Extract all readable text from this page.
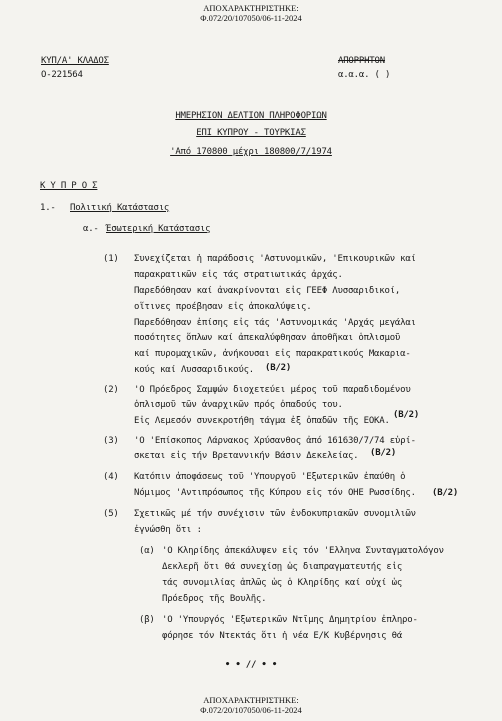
ΑΠΟΧΑΡΑΚΤΗΡΙΣΤΗΚΕ:
Φ.072/20/107050/06-11-2024
ΚΥΠ/Α' ΚΛΑΔΟΣ
Ο-221564
ΑΠΟΡΡΗΤΟΝ
α.α.α. ( )
ΗΜΕΡΗΣΙΟΝ ΔΕΛΤΙΟΝ ΠΛΗΡΟΦΟΡΙΩΝ
ΕΠΙ ΚΥΠΡΟΥ - ΤΟΥΡΚΙΑΣ
'Από 170800 μέχρι 180800/7/1974
Κ Υ Π Ρ Ο Σ
1.- Πολιτική Κατάστασις
α.- Έσωτερική Κατάστασις
(1) Συνεχίζεται ἡ παράδοσις 'Αστυνομικῶν, 'Επικουρικῶν καί
παρακρατικῶν εἰς τάς στρατιωτικάς ἀρχάς.
Παρεδόθησαν καί ἀνακρίνονται εἰς ΓΕΕΦ Λυσσαριδικοί,
οἵτινες προέβησαν εἰς ἀποκαλύψεις.
Παρεδόθησαν ἐπίσης εἰς τάς 'Αστυνομικάς 'Αρχάς μεγάλαι
ποσότητες ὅπλων καί ἀπεκαλύφθησαν ἀποθῆκαι ὁπλισμοῦ
καί πυρομαχικῶν, ἀνήκουσαι εἰς παρακρατικούς Μακαρια-
κούς καί Λυσσαριδικούς. (Β/2)
(2) 'Ο Πρόεδρος Σαμψών διοχετεύει μέρος τοῦ παραδιδομένου
ὁπλισμοῦ τῶν ἀναρχικῶν πρός ὀπαδούς του.
Εἰς Λεμεσόν συνεκροτήθη τάγμα ἐξ ὀπαδῶν τῆς ΕΟΚΑ.
(Β/2)
(3) 'Ο 'Επίσκοπος Λάρνακος Χρύσανθος ἀπό 161630/7/74 εὑρί-
σκεται εἰς τήν Βρεταννικήν Βάσιν Δεκελείας. (Β/2)
(4) Κατόπιν ἀποφάσεως τοῦ 'Υπουργοῦ 'Εξωτερικῶν ἐπαύθη ὁ
Νόμιμος 'Αντιπρόσωπος τῆς Κύπρου εἰς τόν ΟΗΕ Ρωσσίδης. (Β/2)
(5) Σχετικῶς μέ τήν συνέχισιν τῶν ἐνδοκυπριακῶν συνομιλιῶν
ἐγνώσθη ὅτι :
(α) 'Ο Κληρίδης ἀπεκάλυψεν εἰς τόν 'Ελληνα Συνταγματολόγον
Δεκλερῆ ὅτι θά συνεχίσῃ ὡς διαπραγματευτής εἰς
τάς συνομιλίας ἁπλῶς ὡς ὁ Κληρίδης καί οὐχί ὡς
Πρόεδρος τῆς Βουλῆς.
(β) 'Ο 'Υπουργός 'Εξωτερικῶν Ντῖμης Δημητρίου ἐπληρο-
φόρησε τόν Ντεκτάς ὅτι ἡ νέα Ε/Κ Κυβέρνησις θά
• • // • •
ΑΠΟΧΑΡΑΚΤΗΡΙΣΤΗΚΕ:
Φ.072/20/107050/06-11-2024
